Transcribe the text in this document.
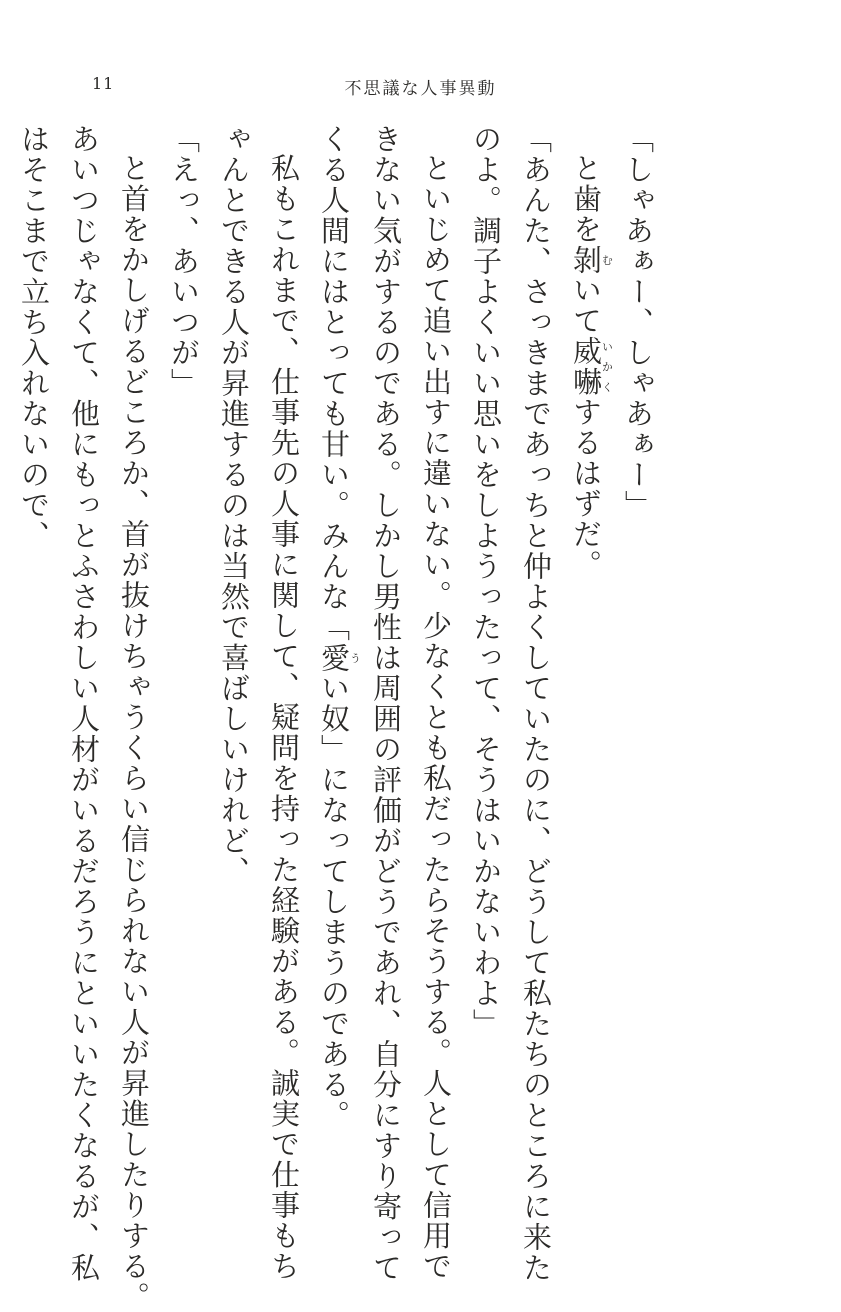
11	不思議な人事異動
「しゃあぁー、しゃあぁー」
と歯を剝むいて威嚇いかくするはずだ。
「あんた、さっきまであっちと仲よくしていたのに、どうして私たちのところに来た
のよ。調子よくいい思いをしようったって、そうはいかないわよ」
といじめて追い出すに違いない。少なくとも私だったらそうする。人として信用で
きない気がするのである。しかし男性は周囲の評価がどうであれ、自分にすり寄って
くる人間にはとっても甘い。みんな「愛うい奴」になってしまうのである。
私もこれまで、仕事先の人事に関して、疑問を持った経験がある。誠実で仕事もち
ゃんとできる人が昇進するのは当然で喜ばしいけれど、
「えっ、あいつが」
と首をかしげるどころか、首が抜けちゃうくらい信じられない人が昇進したりする。
あいつじゃなくて、他にもっとふさわしい人材がいるだろうにといいたくなるが、私
はそこまで立ち入れないので、
